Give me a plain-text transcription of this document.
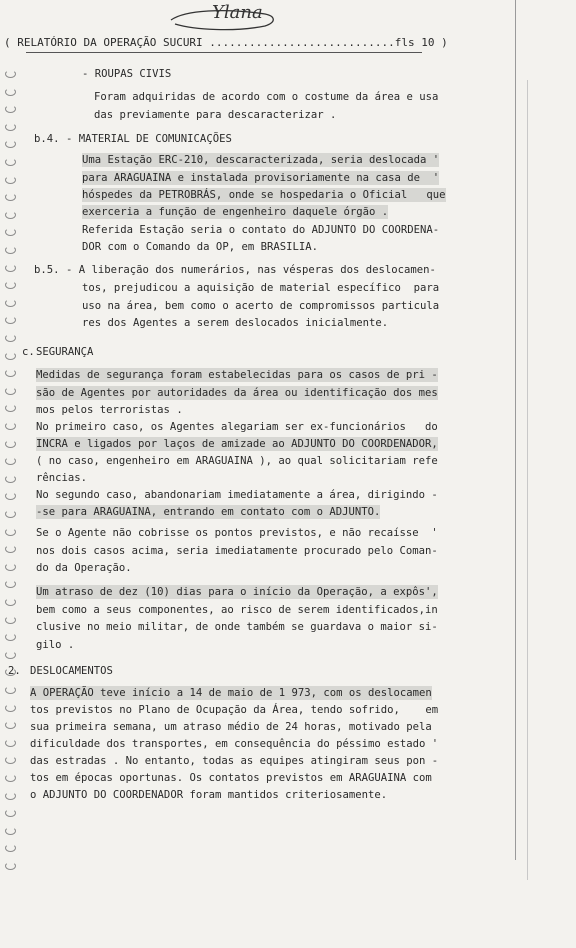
Ylana
( RELATÓRIO DA OPERAÇÃO SUCURI ............................fls 10 )
- ROUPAS CIVIS
Foram adquiridas de acordo com o costume da área e usa
das previamente para descaracterizar .
b.4. - MATERIAL DE COMUNICAÇÕES
Uma Estação ERC-210, descaracterizada, seria deslocada '
para ARAGUAINA e instalada provisoriamente na casa de  '
hóspedes da PETROBRÁS, onde se hospedaria o Oficial   que
exerceria a função de engenheiro daquele órgão .
Referida Estação seria o contato do ADJUNTO DO COORDENA-
DOR com o Comando da OP, em BRASILIA.
b.5. - A liberação dos numerários, nas vésperas dos deslocamen-
tos, prejudicou a aquisição de material específico  para
uso na área, bem como o acerto de compromissos particula
res dos Agentes a serem deslocados inicialmente.
c. SEGURANÇA
Medidas de segurança foram estabelecidas para os casos de pri -
são de Agentes por autoridades da área ou identificação dos mes
mos pelos terroristas .
No primeiro caso, os Agentes alegariam ser ex-funcionários   do
INCRA e ligados por laços de amizade ao ADJUNTO DO COORDENADOR,
( no caso, engenheiro em ARAGUAINA ), ao qual solicitariam refe
rências.
No segundo caso, abandonariam imediatamente a área, dirigindo -
-se para ARAGUAINA, entrando em contato com o ADJUNTO.
Se o Agente não cobrisse os pontos previstos, e não recaísse  '
nos dois casos acima, seria imediatamente procurado pelo Coman-
do da Operação.
Um atraso de dez (10) dias para o início da Operação, a expôs',
bem como a seus componentes, ao risco de serem identificados,in
clusive no meio militar, de onde também se guardava o maior si-
gilo .
2. DESLOCAMENTOS
A OPERAÇÃO teve início a 14 de maio de 1 973, com os deslocamen
tos previstos no Plano de Ocupação da Área, tendo sofrido,    em
sua primeira semana, um atraso médio de 24 horas, motivado pela
dificuldade dos transportes, em consequência do péssimo estado '
das estradas . No entanto, todas as equipes atingiram seus pon -
tos em épocas oportunas. Os contatos previstos em ARAGUAINA com
o ADJUNTO DO COORDENADOR foram mantidos criteriosamente.
